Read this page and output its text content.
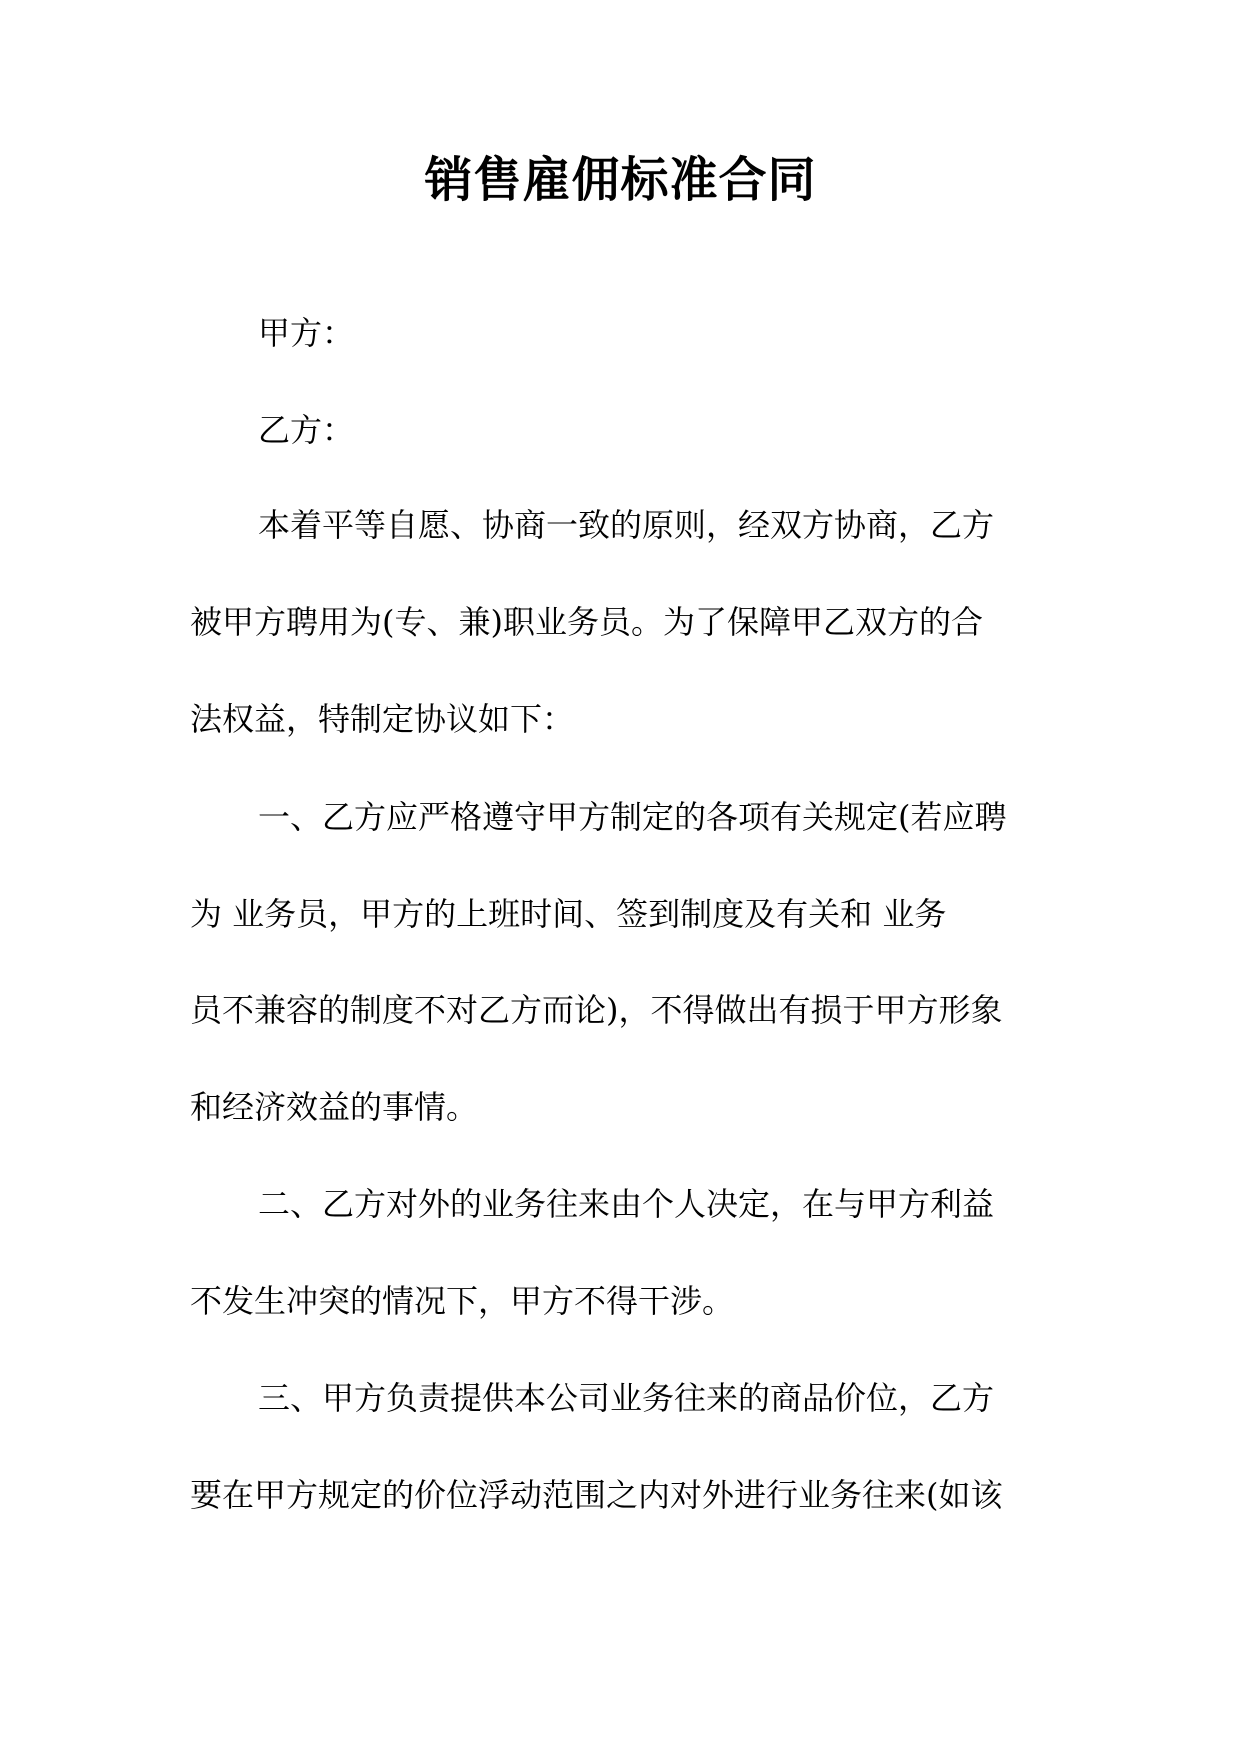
销售雇佣标准合同

甲方：

乙方：

本着平等自愿、协商一致的原则，经双方协商，乙方

被甲方聘用为(专、兼)职业务员。为了保障甲乙双方的合

法权益，特制定协议如下：

一、乙方应严格遵守甲方制定的各项有关规定(若应聘

为 业务员，甲方的上班时间、签到制度及有关和 业务

员不兼容的制度不对乙方而论)，不得做出有损于甲方形象

和经济效益的事情。

二、乙方对外的业务往来由个人决定，在与甲方利益

不发生冲突的情况下，甲方不得干涉。

三、甲方负责提供本公司业务往来的商品价位，乙方

要在甲方规定的价位浮动范围之内对外进行业务往来(如该
